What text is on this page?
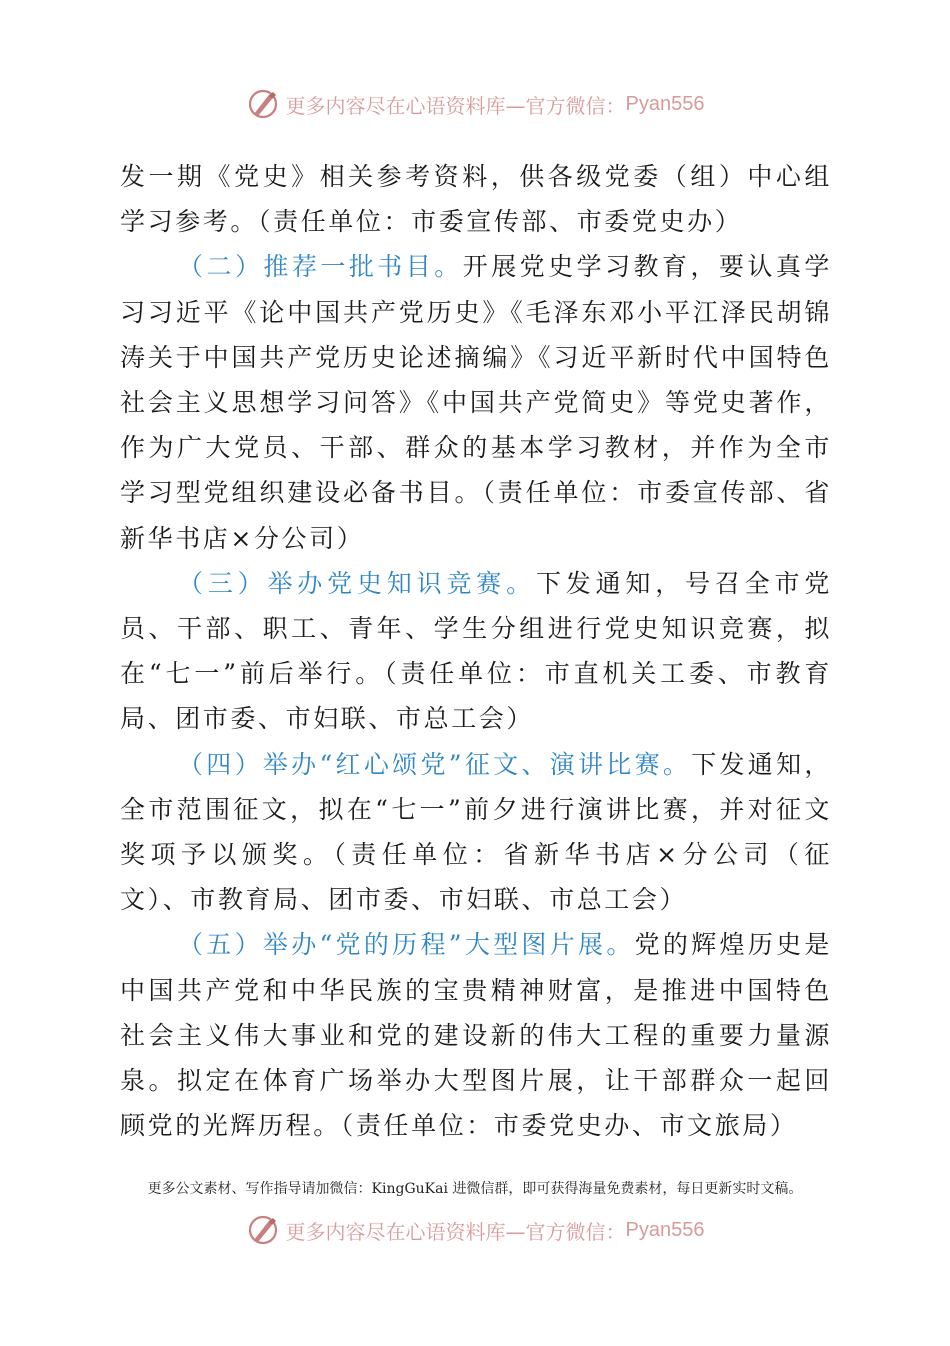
更多内容尽在心语资料库—官方微信： Pyan556

发一期《党史》相关参考资料，供各级党委（组）中心组学习参考。（责任单位：市委宣传部、市委党史办）

（二）推荐一批书目。开展党史学习教育，要认真学习习近平《论中国共产党历史》《毛泽东邓小平江泽民胡锦涛关于中国共产党历史论述摘编》《习近平新时代中国特色社会主义思想学习问答》《中国共产党简史》等党史著作，作为广大党员、干部、群众的基本学习教材，并作为全市学习型党组织建设必备书目。（责任单位：市委宣传部、省新华书店×分公司）

（三）举办党史知识竞赛。下发通知，号召全市党员、干部、职工、青年、学生分组进行党史知识竞赛，拟在“七一”前后举行。（责任单位：市直机关工委、市教育局、团市委、市妇联、市总工会）

（四）举办“红心颂党”征文、演讲比赛。下发通知，全市范围征文，拟在“七一”前夕进行演讲比赛，并对征文奖项予以颁奖。（责任单位：省新华书店×分公司（征文）、市教育局、团市委、市妇联、市总工会）

（五）举办“党的历程”大型图片展。党的辉煌历史是中国共产党和中华民族的宝贵精神财富，是推进中国特色社会主义伟大事业和党的建设新的伟大工程的重要力量源泉。拟定在体育广场举办大型图片展，让干部群众一起回顾党的光辉历程。（责任单位：市委党史办、市文旅局）

更多公文素材、写作指导请加微信：KingGuKai 进微信群，即可获得海量免费素材，每日更新实时文稿。
更多内容尽在心语资料库—官方微信： Pyan556
